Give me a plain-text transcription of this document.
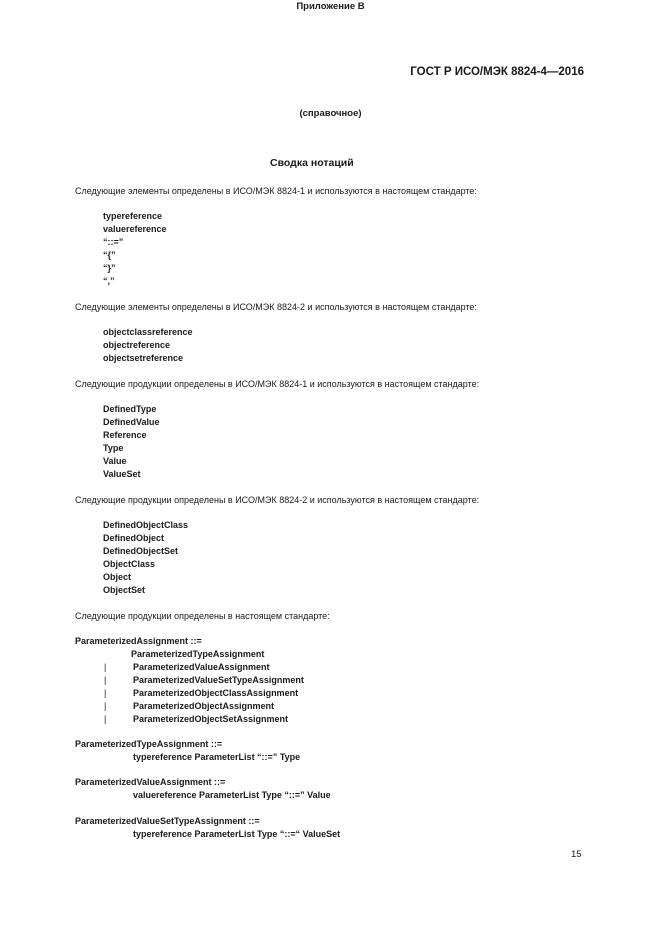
ГОСТ Р ИСО/МЭК 8824-4—2016
Приложение В
(справочное)
Сводка нотаций
Следующие элементы определены в ИСО/МЭК 8824-1 и используются в настоящем стандарте:
typereference
valuereference
“::=”
“{”
“}”
“,”
Следующие элементы определены в ИСО/МЭК 8824-2 и используются в настоящем стандарте:
objectclassreference
objectreference
objectsetreference
Следующие продукции определены в ИСО/МЭК 8824-1 и используются в настоящем стандарте:
DefinedType
DefinedValue
Reference
Type
Value
ValueSet
Следующие продукции определены в ИСО/МЭК 8824-2 и используются в настоящем стандарте:
DefinedObjectClass
DefinedObject
DefinedObjectSet
ObjectClass
Object
ObjectSet
Следующие продукции определены в настоящем стандарте:
ParameterizedAssignment ::=
ParameterizedTypeAssignment
|	ParameterizedValueAssignment
|	ParameterizedValueSetTypeAssignment
|	ParameterizedObjectClassAssignment
|	ParameterizedObjectAssignment
|	ParameterizedObjectSetAssignment
ParameterizedTypeAssignment ::=
typereference ParameterList “::=” Type
ParameterizedValueAssignment ::=
valuereference ParameterList Type “::=” Value
ParameterizedValueSetTypeAssignment ::=
typereference ParameterList Type “::=“ ValueSet
15
